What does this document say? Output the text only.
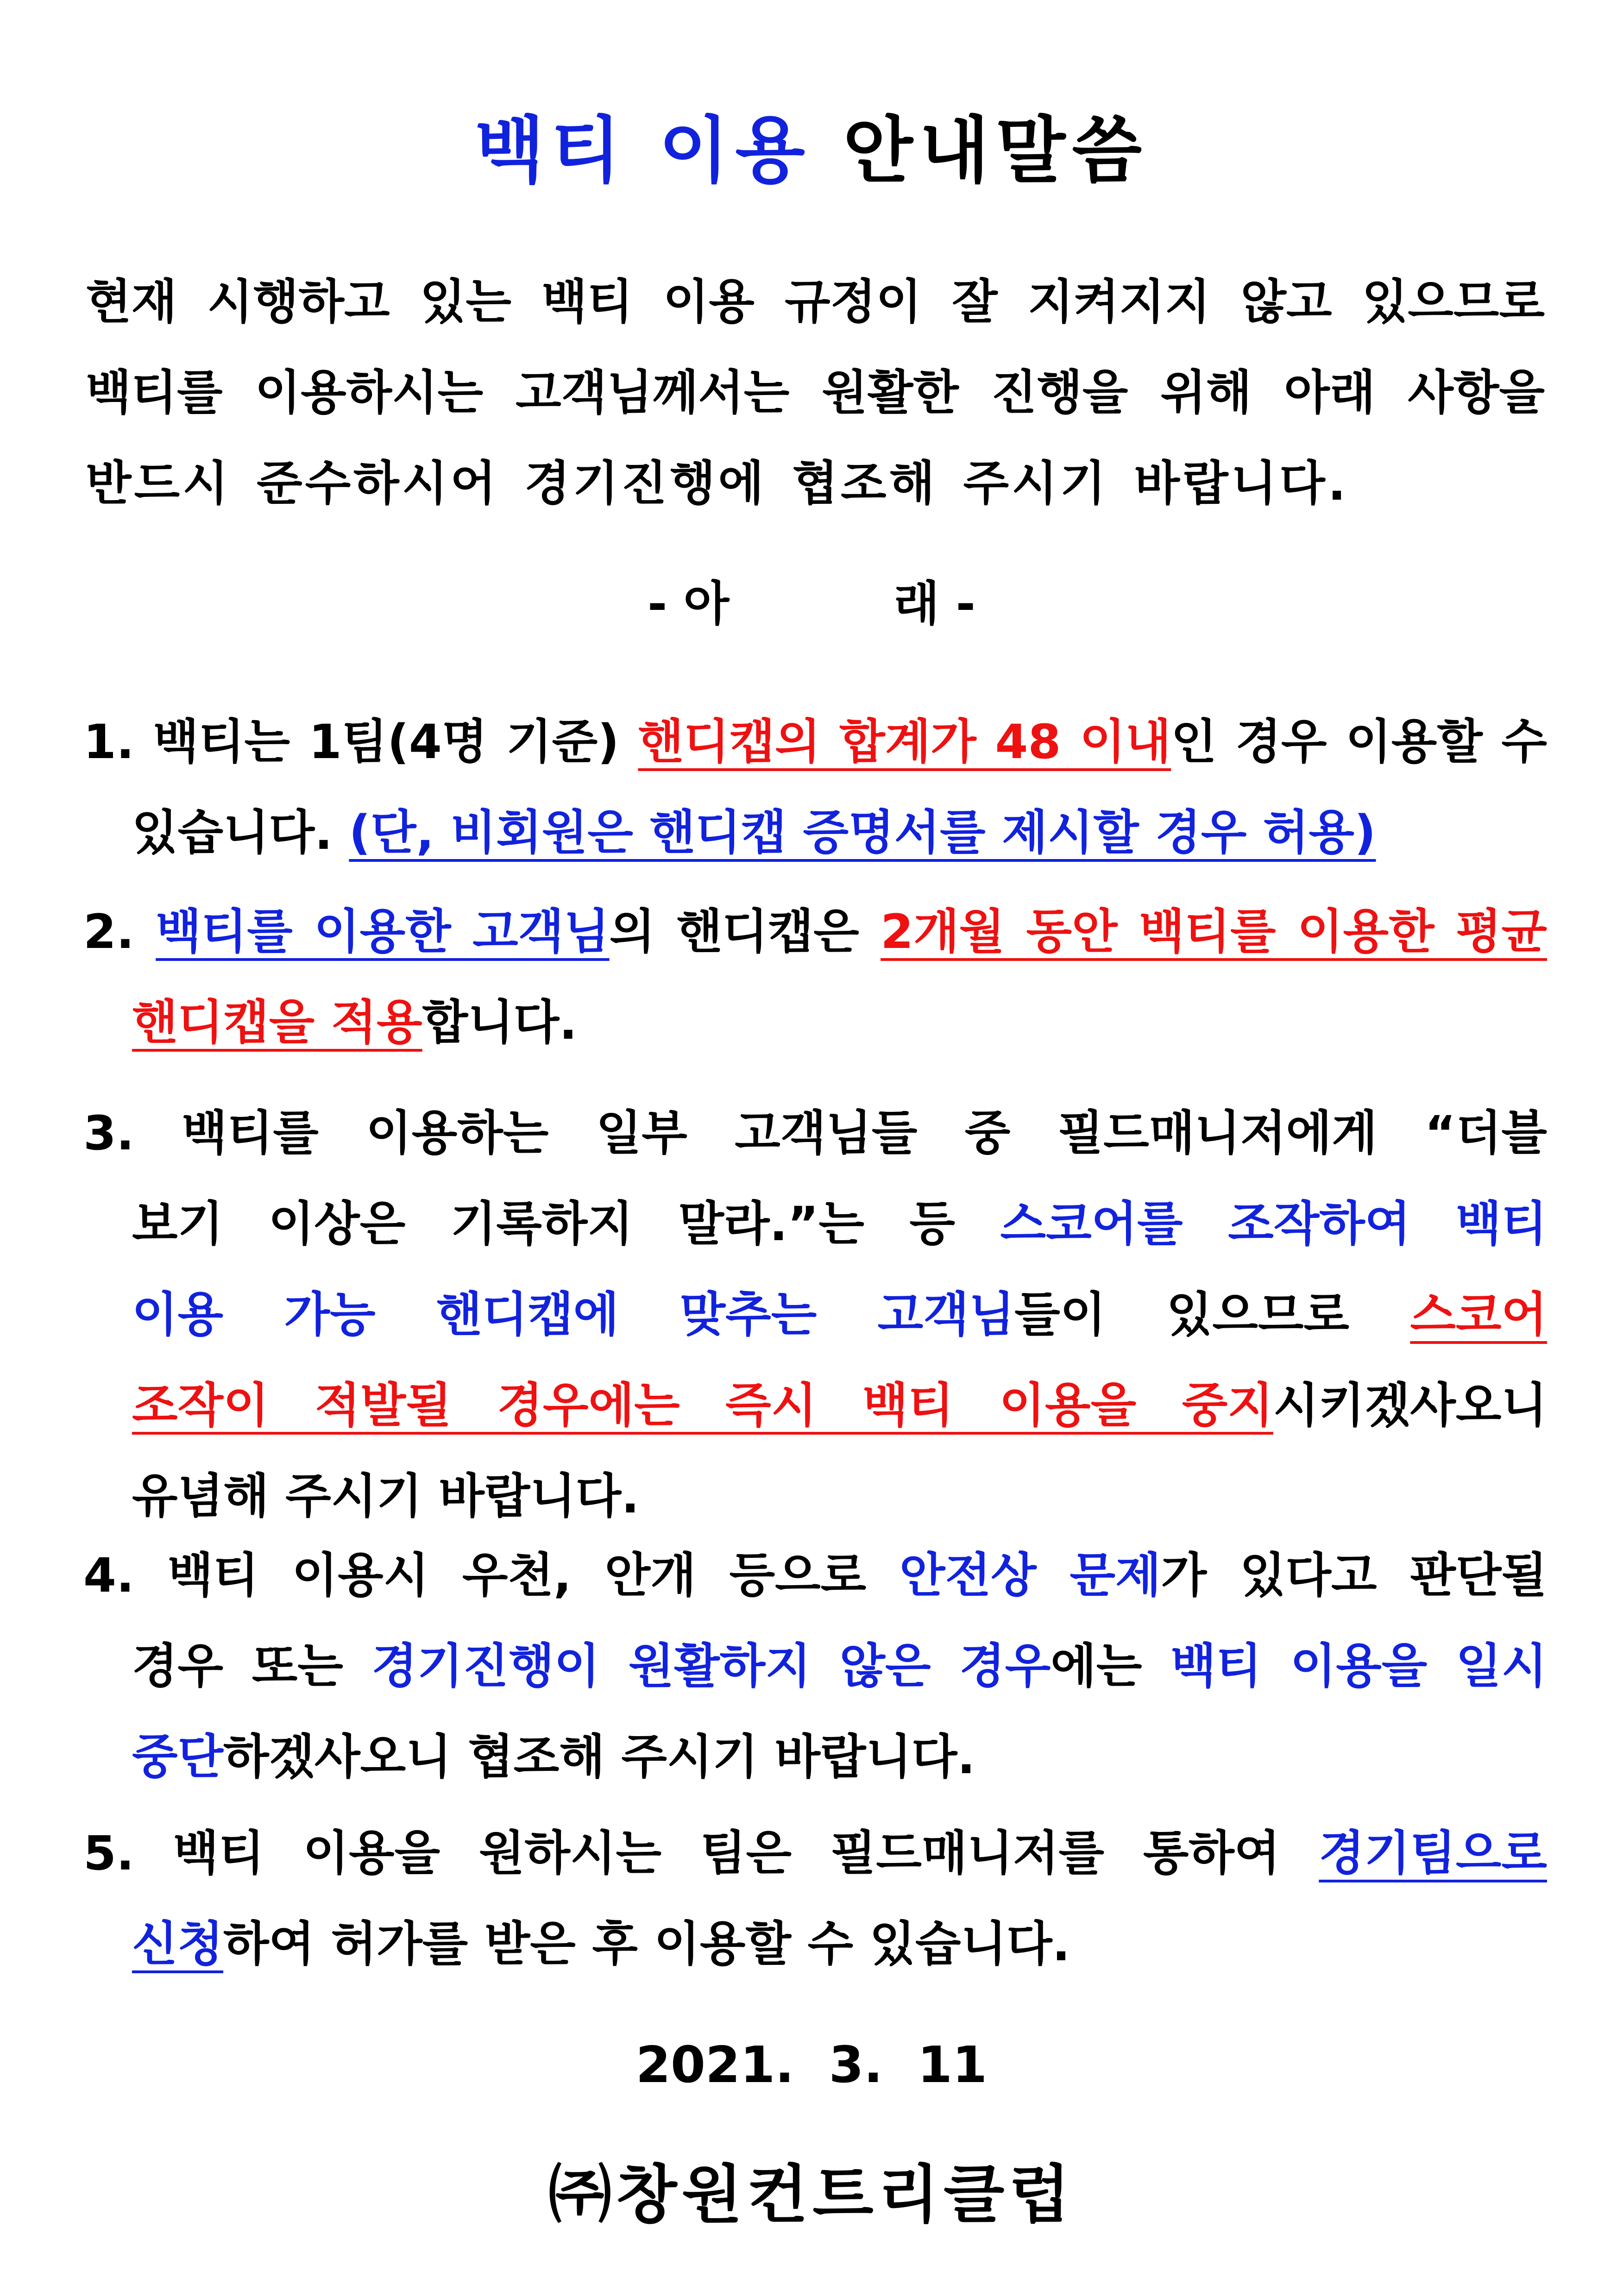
백티 이용 안내말씀
현재 시행하고 있는 백티 이용 규정이 잘 지켜지지 않고 있으므로
백티를 이용하시는 고객님께서는 원활한 진행을 위해 아래 사항을
반드시 준수하시어 경기진행에 협조해 주시기 바랍니다.
- 아	래 -
1. 백티는 1팀(4명 기준) 핸디캡의 합계가 48 이내인 경우 이용할 수
있습니다. (단, 비회원은 핸디캡 증명서를 제시할 경우 허용)
2. 백티를 이용한 고객님의 핸디캡은 2개월 동안 백티를 이용한 평균
핸디캡을 적용합니다.
3. 백티를 이용하는 일부 고객님들 중 필드매니저에게 “더블
보기 이상은 기록하지 말라.”는 등 스코어를 조작하여 백티
이용 가능 핸디캡에 맞추는 고객님들이 있으므로 스코어
조작이 적발될 경우에는 즉시 백티 이용을 중지시키겠사오니
유념해 주시기 바랍니다.
4. 백티 이용시 우천, 안개 등으로 안전상 문제가 있다고 판단될
경우 또는 경기진행이 원활하지 않은 경우에는 백티 이용을 일시
중단하겠사오니 협조해 주시기 바랍니다.
5. 백티 이용을 원하시는 팀은 필드매니저를 통하여 경기팀으로
신청하여 허가를 받은 후 이용할 수 있습니다.
2021.  3.  11
㈜창원컨트리클럽
